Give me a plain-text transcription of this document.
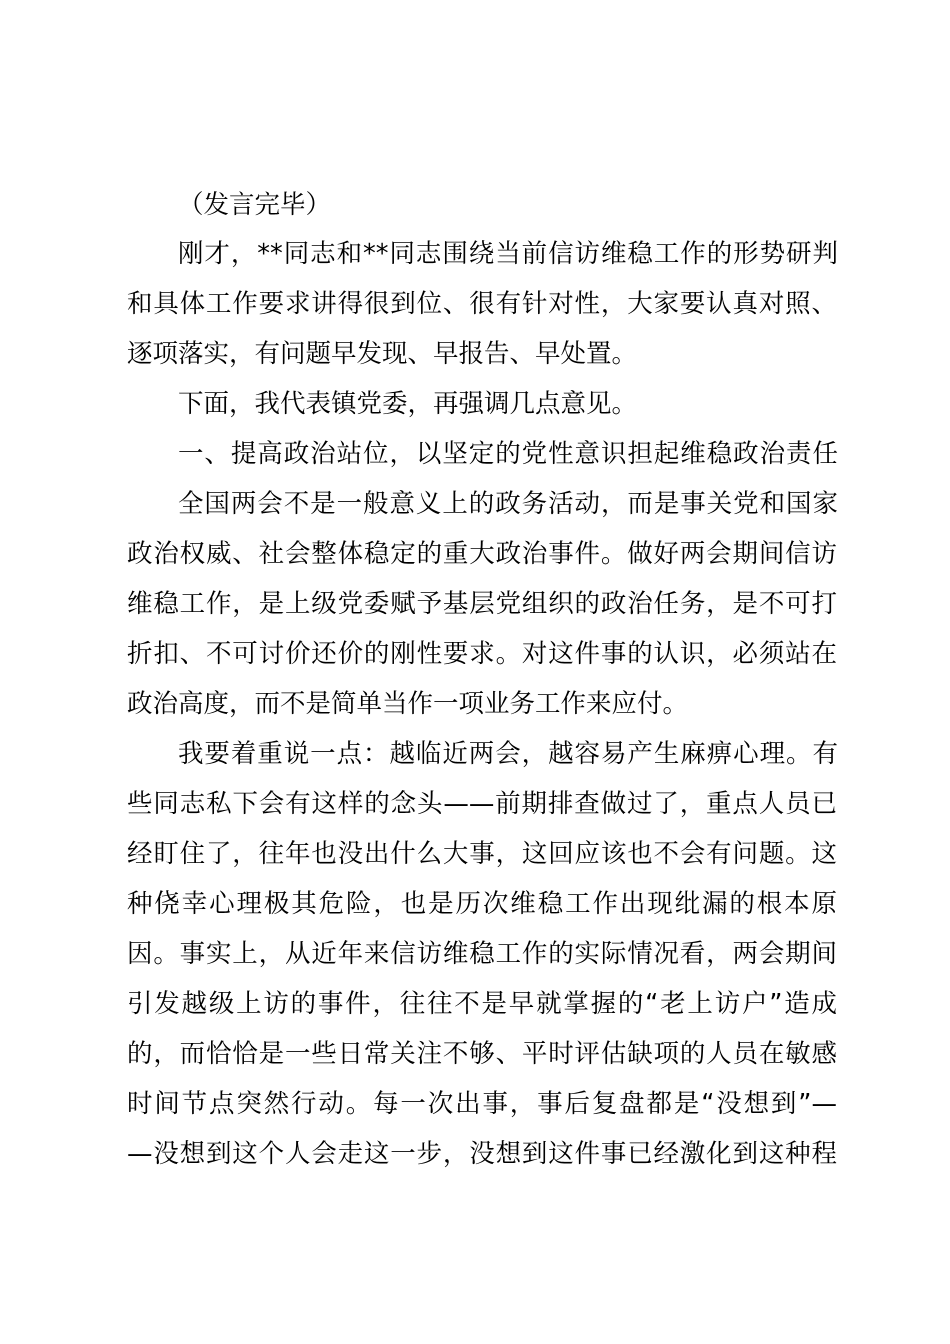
（发言完毕）
刚才，**同志和**同志围绕当前信访维稳工作的形势研判
和具体工作要求讲得很到位、很有针对性，大家要认真对照、
逐项落实，有问题早发现、早报告、早处置。
下面，我代表镇党委，再强调几点意见。
一、提高政治站位，以坚定的党性意识担起维稳政治责任
全国两会不是一般意义上的政务活动，而是事关党和国家
政治权威、社会整体稳定的重大政治事件。做好两会期间信访
维稳工作，是上级党委赋予基层党组织的政治任务，是不可打
折扣、不可讨价还价的刚性要求。对这件事的认识，必须站在
政治高度，而不是简单当作一项业务工作来应付。
我要着重说一点：越临近两会，越容易产生麻痹心理。有
些同志私下会有这样的念头——前期排查做过了，重点人员已
经盯住了，往年也没出什么大事，这回应该也不会有问题。这
种侥幸心理极其危险，也是历次维稳工作出现纰漏的根本原
因。事实上，从近年来信访维稳工作的实际情况看，两会期间
引发越级上访的事件，往往不是早就掌握的“老上访户”造成
的，而恰恰是一些日常关注不够、平时评估缺项的人员在敏感
时间节点突然行动。每一次出事，事后复盘都是“没想到”—
—没想到这个人会走这一步，没想到这件事已经激化到这种程
